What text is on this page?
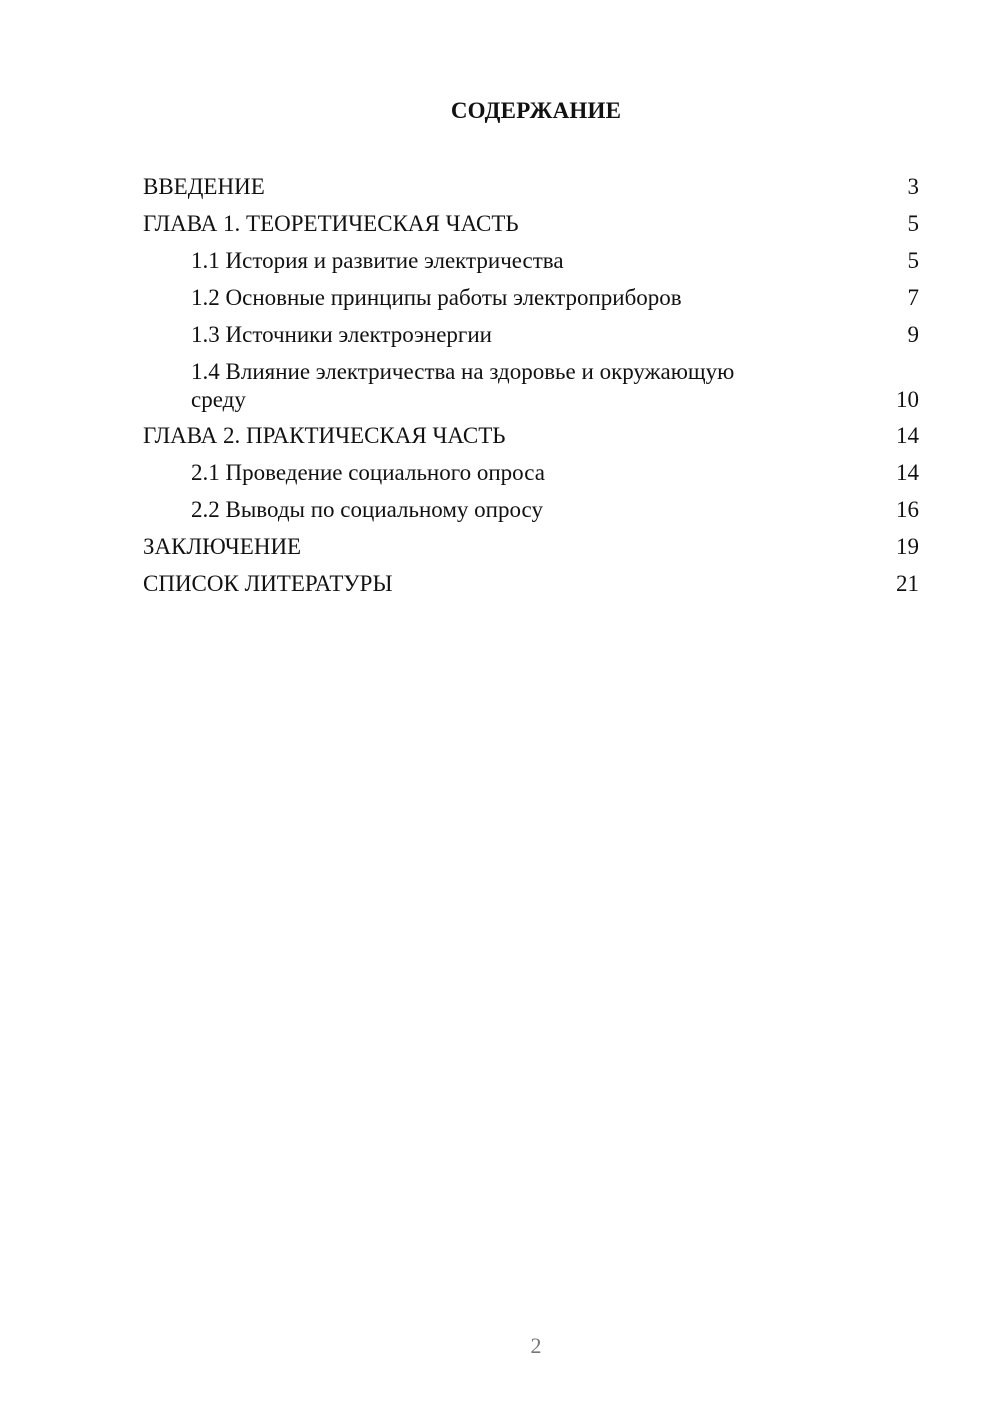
СОДЕРЖАНИЕ
ВВЕДЕНИЕ	3
ГЛАВА 1. ТЕОРЕТИЧЕСКАЯ ЧАСТЬ	5
1.1 История и развитие электричества	5
1.2 Основные принципы работы электроприборов	7
1.3 Источники электроэнергии	9
1.4 Влияние электричества на здоровье и окружающую среду	10
ГЛАВА 2. ПРАКТИЧЕСКАЯ ЧАСТЬ	14
2.1 Проведение социального опроса	14
2.2 Выводы по социальному опросу	16
ЗАКЛЮЧЕНИЕ	19
СПИСОК ЛИТЕРАТУРЫ	21
2
